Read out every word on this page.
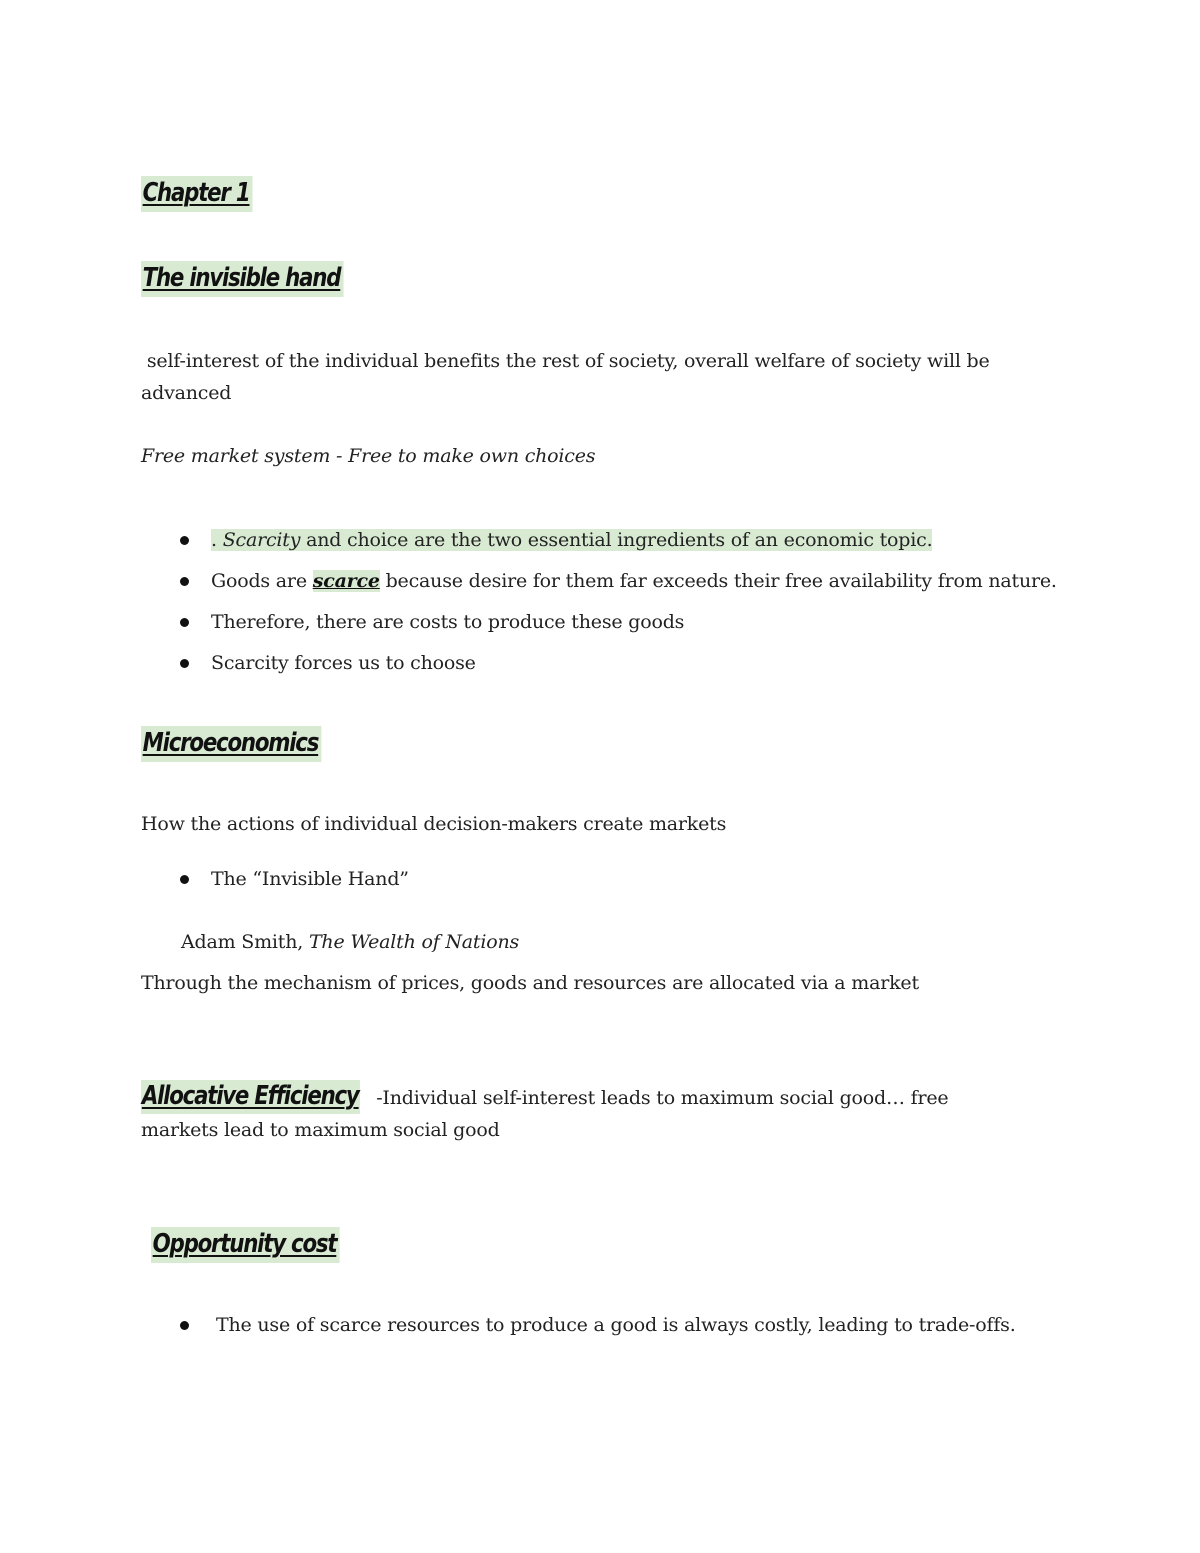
Chapter 1
The invisible hand
self-interest of the individual benefits the rest of society, overall welfare of society will be advanced
Free market system - Free to make own choices
. Scarcity and choice are the two essential ingredients of an economic topic.
Goods are scarce because desire for them far exceeds their free availability from nature.
Therefore, there are costs to produce these goods
Scarcity forces us to choose
Microeconomics
How the actions of individual decision-makers create markets
The “Invisible Hand”
Adam Smith, The Wealth of Nations
Through the mechanism of prices, goods and resources are allocated via a market
Allocative Efficiency -Individual self-interest leads to maximum social good… free markets lead to maximum social good
Opportunity cost
The use of scarce resources to produce a good is always costly, leading to trade-offs.
